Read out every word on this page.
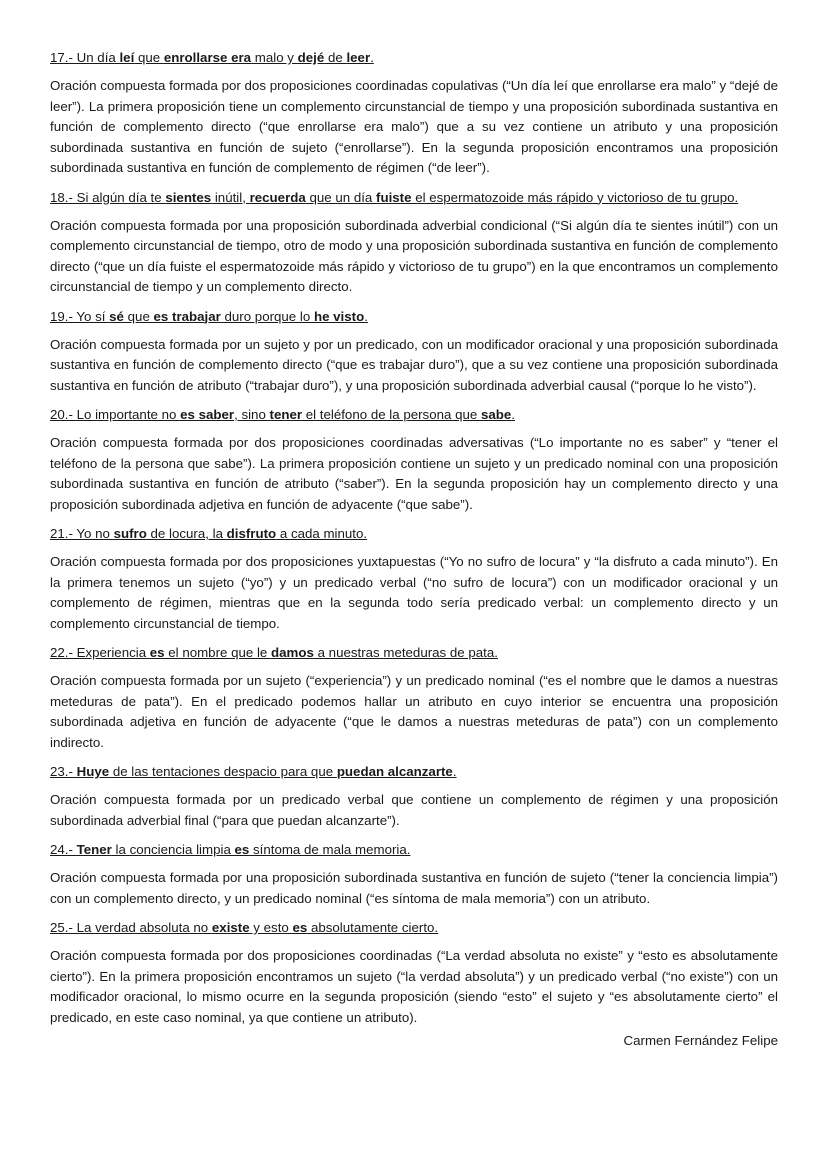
17.- Un día leí que enrollarse era malo y dejé de leer.

Oración compuesta formada por dos proposiciones coordinadas copulativas (“Un día leí que enrollarse era malo” y “dejé de leer”). La primera proposición tiene un complemento circunstancial de tiempo y una proposición subordinada sustantiva en función de complemento directo (“que enrollarse era malo”) que a su vez contiene un atributo y una proposición subordinada sustantiva en función de sujeto (“enrollarse”). En la segunda proposición encontramos una proposición subordinada sustantiva en función de complemento de régimen (“de leer”).

18.- Si algún día te sientes inútil, recuerda que un día fuiste el espermatozoide más rápido y victorioso de tu grupo.

Oración compuesta formada por una proposición subordinada adverbial condicional (“Si algún día te sientes inútil”) con un complemento circunstancial de tiempo, otro de modo y una proposición subordinada sustantiva en función de complemento directo (“que un día fuiste el espermatozoide más rápido y victorioso de tu grupo”) en la que encontramos un complemento circunstancial de tiempo y un complemento directo.

19.- Yo sí sé que es trabajar duro porque lo he visto.

Oración compuesta formada por un sujeto y por un predicado, con un modificador oracional y una proposición subordinada sustantiva en función de complemento directo (“que es trabajar duro”), que a su vez contiene una proposición subordinada sustantiva en función de atributo (“trabajar duro”), y una proposición subordinada adverbial causal (“porque lo he visto”).

20.- Lo importante no es saber, sino tener el teléfono de la persona que sabe.

Oración compuesta formada por dos proposiciones coordinadas adversativas (“Lo importante no es saber” y “tener el teléfono de la persona que sabe”). La primera proposición contiene un sujeto y un predicado nominal con una proposición subordinada sustantiva en función de atributo (“saber”). En la segunda proposición hay un complemento directo y una proposición subordinada adjetiva en función de adyacente (“que sabe”).

21.- Yo no sufro de locura, la disfruto a cada minuto.

Oración compuesta formada por dos proposiciones yuxtapuestas (“Yo no sufro de locura” y “la disfruto a cada minuto”). En la primera tenemos un sujeto (“yo”) y un predicado verbal (“no sufro de locura”) con un modificador oracional y un complemento de régimen, mientras que en la segunda todo sería predicado verbal: un complemento directo y un complemento circunstancial de tiempo.

22.- Experiencia es el nombre que le damos a nuestras meteduras de pata.

Oración compuesta formada por un sujeto (“experiencia”) y un predicado nominal (“es el nombre que le damos a nuestras meteduras de pata”). En el predicado podemos hallar un atributo en cuyo interior se encuentra una proposición subordinada adjetiva en función de adyacente (“que le damos a nuestras meteduras de pata”) con un complemento indirecto.

23.- Huye de las tentaciones despacio para que puedan alcanzarte.

Oración compuesta formada por un predicado verbal que contiene un complemento de régimen y una proposición subordinada adverbial final (“para que puedan alcanzarte”).

24.- Tener la conciencia limpia es síntoma de mala memoria.

Oración compuesta formada por una proposición subordinada sustantiva en función de sujeto (“tener la conciencia limpia”) con un complemento directo, y un predicado nominal (“es síntoma de mala memoria”) con un atributo.

25.- La verdad absoluta no existe y esto es absolutamente cierto.

Oración compuesta formada por dos proposiciones coordinadas (“La verdad absoluta no existe” y “esto es absolutamente cierto”). En la primera proposición encontramos un sujeto (“la verdad absoluta”) y un predicado verbal (“no existe”) con un modificador oracional, lo mismo ocurre en la segunda proposición (siendo “esto” el sujeto y “es absolutamente cierto” el predicado, en este caso nominal, ya que contiene un atributo).

Carmen Fernández Felipe
